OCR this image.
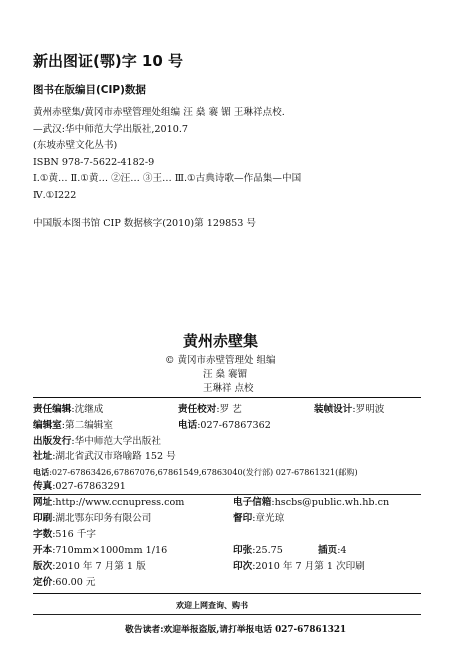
新出图证(鄂)字 10 号
图书在版编目(CIP)数据
黄州赤壁集/黄冈市赤壁管理处组编 汪 燊 褰 镅 王琳祥点校.
—武汉:华中师范大学出版社,2010.7
(东坡赤壁文化丛书)
ISBN 978-7-5622-4182-9
Ⅰ.①黄… Ⅱ.①黄… ②汪… ③王… Ⅲ.①古典诗歌—作品集—中国
Ⅳ.①I222
中国版本图书馆 CIP 数据核字(2010)第 129853 号
黄州赤壁集
© 黄冈市赤壁管理处 组编
汪 燊 褰镅
王琳祥 点校
责任编辑:沈继成	责任校对:罗 艺	装帧设计:罗明波
编辑室:第二编辑室	电话:027-67867362
出版发行:华中师范大学出版社
社址:湖北省武汉市珞喻路 152 号
电话:027-67863426,67867076,67861549,67863040(发行部) 027-67861321(邮购)
传真:027-67863291
网址:http://www.ccnupress.com	电子信箱:hscbs@public.wh.hb.cn
印刷:湖北鄂东印务有限公司	督印:章光琼
字数:516 千字
开本:710mm×1000mm 1/16	印张:25.75	插页:4
版次:2010 年 7 月第 1 版	印次:2010 年 7 月第 1 次印刷
定价:60.00 元
欢迎上网查询、购书
敬告读者:欢迎举报盗版,请打举报电话 027-67861321
